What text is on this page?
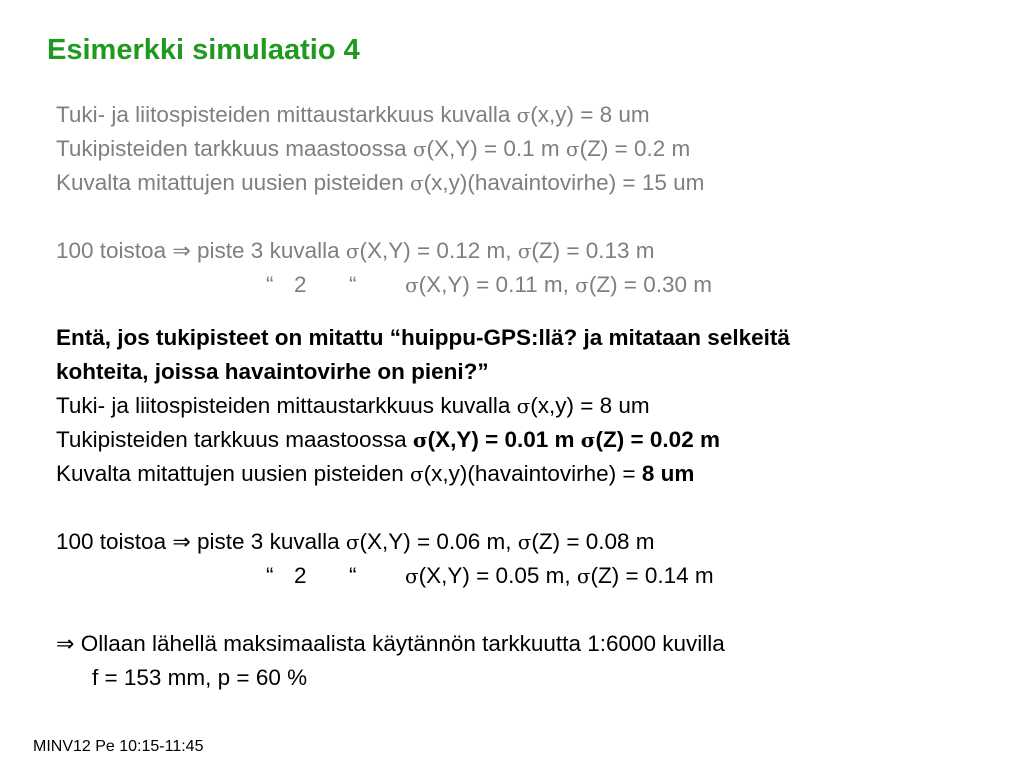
Esimerkki simulaatio 4
Tuki- ja liitospisteiden mittaustarkkuus kuvalla σ(x,y) = 8 um
Tukipisteiden tarkkuus maastoossa σ(X,Y) = 0.1 m σ(Z) = 0.2 m
Kuvalta mitattujen uusien pisteiden σ(x,y)(havaintovirhe) = 15 um
100 toistoa ⇒ piste 3 kuvalla σ(X,Y) = 0.12 m, σ(Z) = 0.13 m
“ 2 “ σ(X,Y) = 0.11 m, σ(Z) = 0.30 m
Entä, jos tukipisteet on mitattu “huippu-GPS:llä? ja mitataan selkeitä
kohteita, joissa havaintovirhe on pieni?”
Tuki- ja liitospisteiden mittaustarkkuus kuvalla σ(x,y) = 8 um
Tukipisteiden tarkkuus maastoossa σ(X,Y) = 0.01 m σ(Z) = 0.02 m
Kuvalta mitattujen uusien pisteiden σ(x,y)(havaintovirhe) = 8 um
100 toistoa ⇒ piste 3 kuvalla σ(X,Y) = 0.06 m, σ(Z) = 0.08 m
“ 2 “ σ(X,Y) = 0.05 m, σ(Z) = 0.14 m
⇒ Ollaan lähellä maksimaalista käytännön tarkkuutta 1:6000 kuvilla
f = 153 mm, p = 60 %
MINV12 Pe 10:15-11:45
